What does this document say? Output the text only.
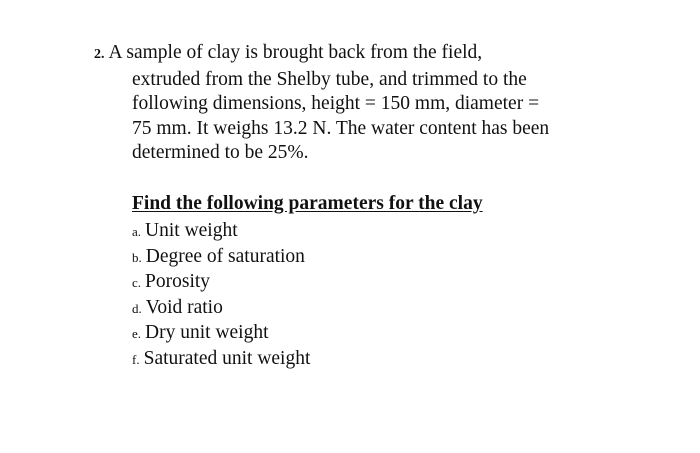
2. A sample of clay is brought back from the field,
extruded from the Shelby tube, and trimmed to the
following dimensions, height = 150 mm, diameter =
75 mm. It weighs 13.2 N. The water content has been
determined to be 25%.
Find the following parameters for the clay
a. Unit weight
b. Degree of saturation
c. Porosity
d. Void ratio
e. Dry unit weight
f. Saturated unit weight
